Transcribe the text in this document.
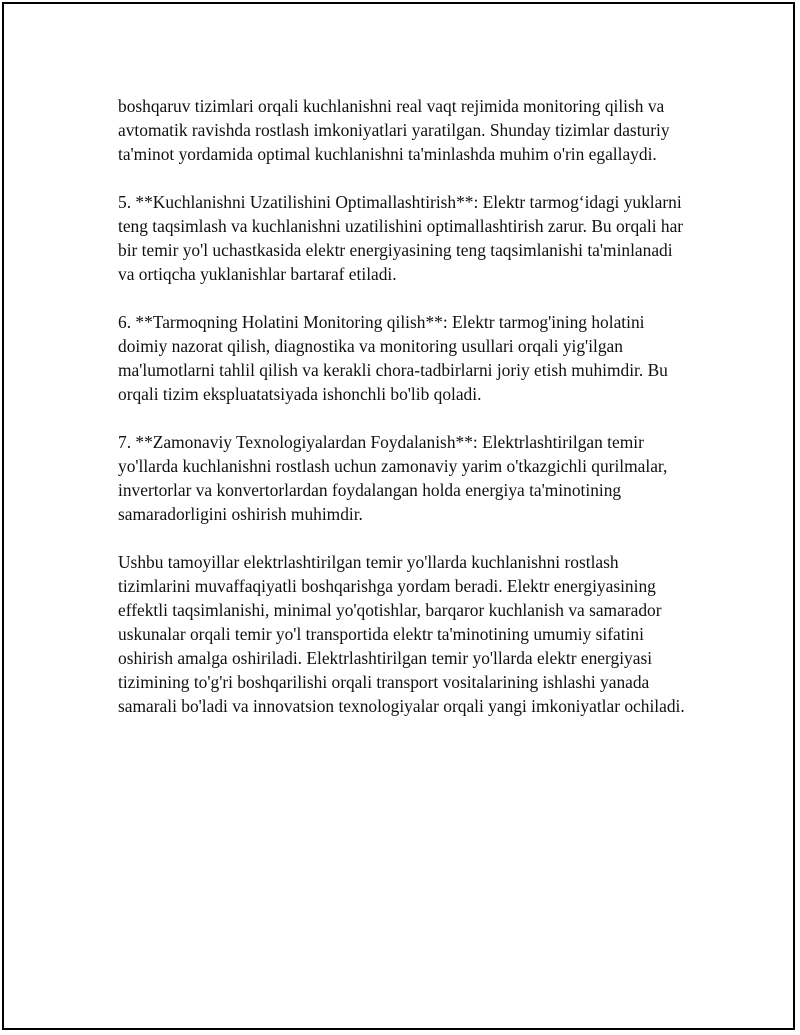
boshqaruv tizimlari orqali kuchlanishni real vaqt rejimida monitoring qilish va avtomatik ravishda rostlash imkoniyatlari yaratilgan. Shunday tizimlar dasturiy ta'minot yordamida optimal kuchlanishni ta'minlashda muhim o'rin egallaydi.

5. **Kuchlanishni Uzatilishini Optimallashtirish**: Elektr tarmog‘idagi yuklarni teng taqsimlash va kuchlanishni uzatilishini optimallashtirish zarur. Bu orqali har bir temir yo'l uchastkasida elektr energiyasining teng taqsimlanishi ta'minlanadi va ortiqcha yuklanishlar bartaraf etiladi.

6. **Tarmoqning Holatini Monitoring qilish**: Elektr tarmog'ining holatini doimiy nazorat qilish, diagnostika va monitoring usullari orqali yig'ilgan ma'lumotlarni tahlil qilish va kerakli chora-tadbirlarni joriy etish muhimdir. Bu orqali tizim ekspluatatsiyada ishonchli bo'lib qoladi.

7. **Zamonaviy Texnologiyalardan Foydalanish**: Elektrlashtirilgan temir yo'llarda kuchlanishni rostlash uchun zamonaviy yarim o'tkazgichli qurilmalar, invertorlar va konvertorlardan foydalangan holda energiya ta'minotining samaradorligini oshirish muhimdir.

Ushbu tamoyillar elektrlashtirilgan temir yo'llarda kuchlanishni rostlash tizimlarini muvaffaqiyatli boshqarishga yordam beradi. Elektr energiyasining effektli taqsimlanishi, minimal yo'qotishlar, barqaror kuchlanish va samarador uskunalar orqali temir yo'l transportida elektr ta'minotining umumiy sifatini oshirish amalga oshiriladi. Elektrlashtirilgan temir yo'llarda elektr energiyasi tizimining to'g'ri boshqarilishi orqali transport vositalarining ishlashi yanada samarali bo'ladi va innovatsion texnologiyalar orqali yangi imkoniyatlar ochiladi.
